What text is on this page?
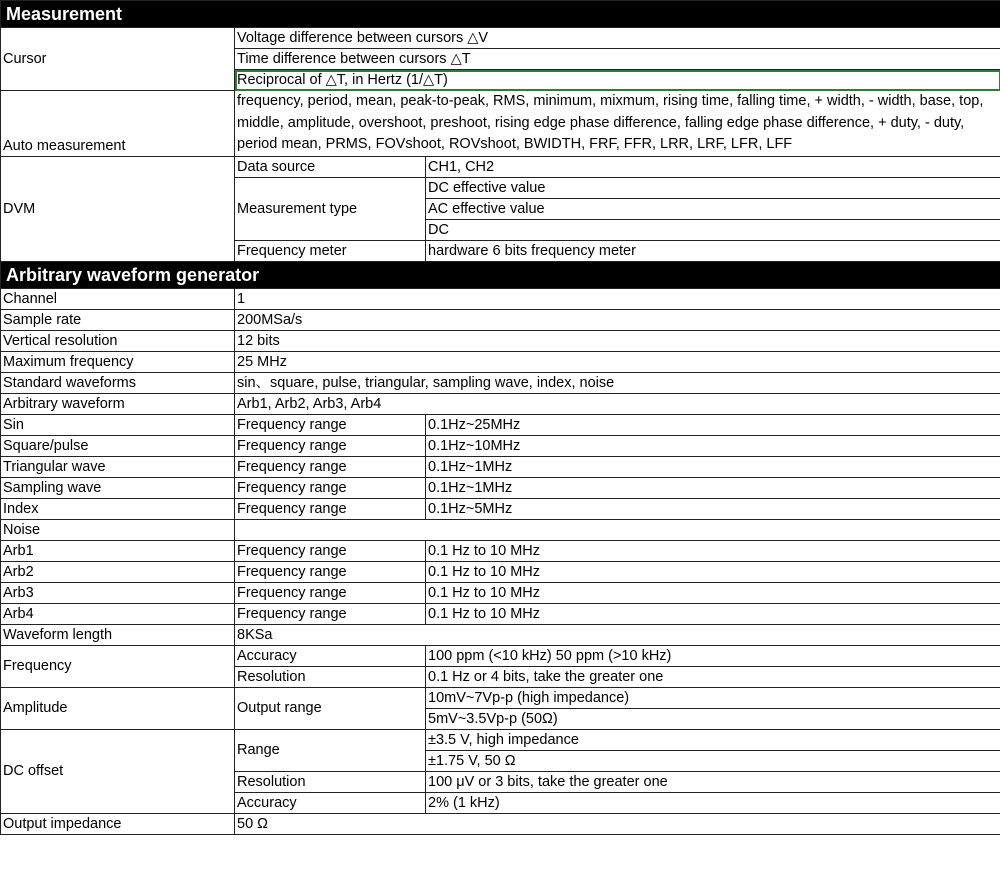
Measurement		
Cursor	Voltage difference between cursors △V	
	Time difference between cursors △T	
	Reciprocal of △T, in Hertz (1/△T)	
Auto measurement	frequency, period, mean, peak-to-peak, RMS, minimum, mixmum, rising time, falling time, + width, - width, base, top, middle, amplitude, overshoot, preshoot, rising edge phase difference, falling edge phase difference, + duty, - duty, period mean, PRMS, FOVshoot, ROVshoot, BWIDTH, FRF, FFR, LRR, LRF, LFR, LFF	
DVM	Data source	CH1, CH2
	Measurement type	DC effective value
		AC effective value
		DC
	Frequency meter	hardware 6 bits frequency meter
Arbitrary waveform generator		
Channel	1	
Sample rate	200MSa/s	
Vertical resolution	12 bits	
Maximum frequency	25 MHz	
Standard waveforms	sin、square, pulse, triangular, sampling wave, index, noise	
Arbitrary waveform	Arb1, Arb2, Arb3, Arb4	
Sin	Frequency range	0.1Hz~25MHz
Square/pulse	Frequency range	0.1Hz~10MHz
Triangular wave	Frequency range	0.1Hz~1MHz
Sampling wave	Frequency range	0.1Hz~1MHz
Index	Frequency range	0.1Hz~5MHz
Noise		
Arb1	Frequency range	0.1 Hz to 10 MHz
Arb2	Frequency range	0.1 Hz to 10 MHz
Arb3	Frequency range	0.1 Hz to 10 MHz
Arb4	Frequency range	0.1 Hz to 10 MHz
Waveform length	8KSa	
Frequency	Accuracy	100 ppm (<10 kHz) 50 ppm (>10 kHz)
	Resolution	0.1 Hz or 4 bits, take the greater one
Amplitude	Output range	10mV~7Vp-p (high impedance)
		5mV~3.5Vp-p (50Ω)
DC offset	Range	±3.5 V, high impedance
		±1.75 V, 50 Ω
	Resolution	100 μV or 3 bits, take the greater one
	Accuracy	2% (1 kHz)
Output impedance	50 Ω	
